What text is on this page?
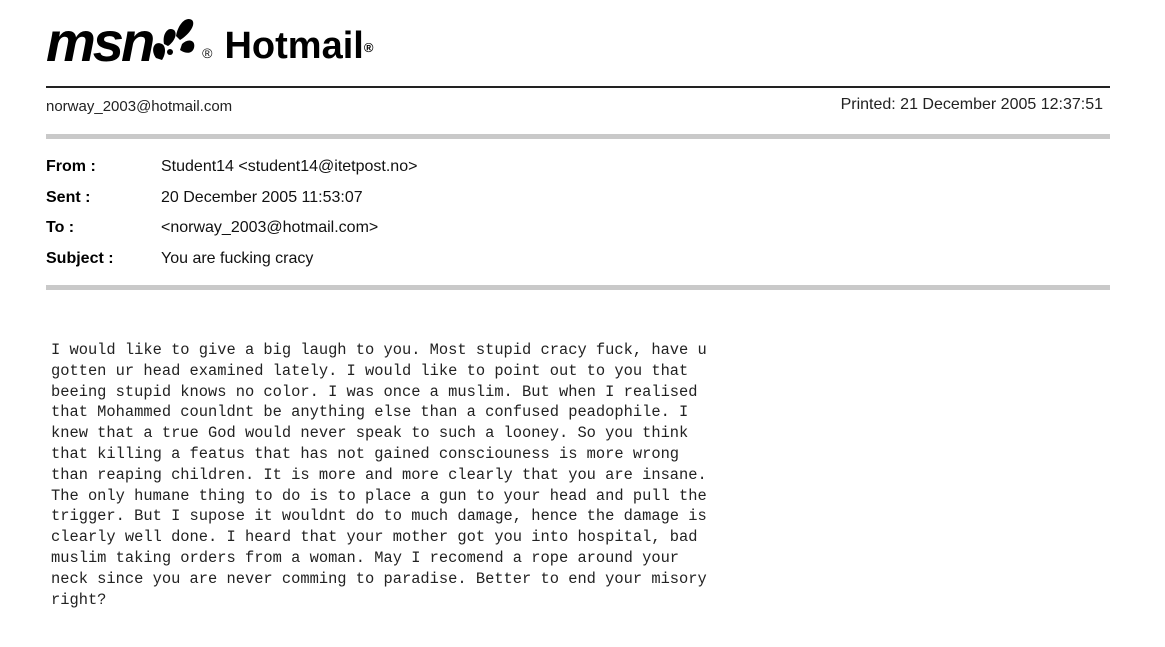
msn	® Hotmail®
norway_2003@hotmail.com	Printed: 21 December 2005 12:37:51
From :	Student14 <student14@itetpost.no>
Sent :	20 December 2005 11:53:07
To :	<norway_2003@hotmail.com>
Subject :	You are fucking cracy
I would like to give a big laugh to you. Most stupid cracy fuck, have u
gotten ur head examined lately. I would like to point out to you that
beeing stupid knows no color. I was once a muslim. But when I realised
that Mohammed counldnt be anything else than a confused peadophile. I
knew that a true God would never speak to such a looney. So you think
that killing a featus that has not gained consciouness is more wrong
than reaping children. It is more and more clearly that you are insane.
The only humane thing to do is to place a gun to your head and pull the
trigger. But I supose it wouldnt do to much damage, hence the damage is
clearly well done. I heard that your mother got you into hospital, bad
muslim taking orders from a woman. May I recomend a rope around your
neck since you are never comming to paradise. Better to end your misory
right?
